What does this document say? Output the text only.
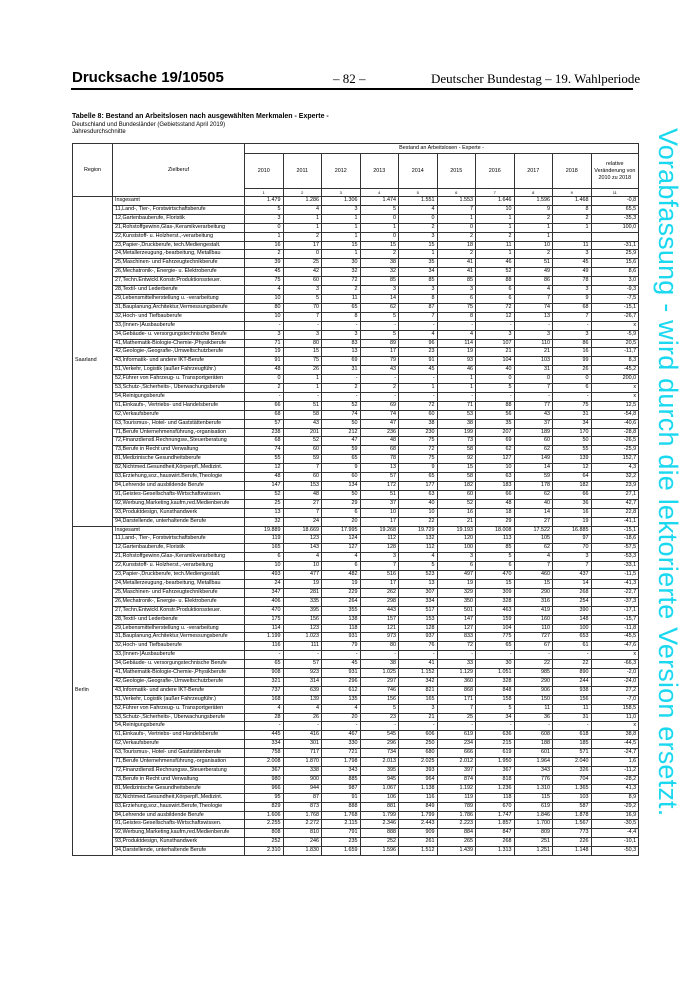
Drucksache 19/10505	– 82 –	Deutscher Bundestag – 19. Wahlperiode
Tabelle 8: Bestand an Arbeitslosen nach ausgewählten Merkmalen - Experte -
Deutschland und Bundesländer (Gebietsstand April 2019)
Jahresdurchschnitte	Vorabfassung - wird durch die lektorierte Version ersetzt.
Region	Zielberuf	Bestand an Arbeitslosen - Experte -									
		2010	2011	2012	2013	2014	2015	2016	2017	2018	relative Veränderung von 2010 zu 2018
		1	2	3	4	5	6	7	8	9	11
Saarland	Insgesamt	1.479	1.286	1.306	1.474	1.551	1.553	1.646	1.596	1.468	-0,8
	11,Land-, Tier-, Forstwirtschaftsberufe	5	4	3	5	4	7	10	9	8	65,5
	12,Gartenbauberufe, Floristik	3	1	1	0	0	1	1	2	2	-35,3
	21,Rohstoffgewinn,Glas-,Keramikverarbeitung	0	1	1	1	2	0	1	1	1	100,0
	22,Kunststoff- u. Holzherst.,-verarbeitung	1	2	1	0	3	2	2	1		
	23,Papier-,Druckberufe, tech.Mediengestalt.	16	17	15	15	15	18	11	10	11	-31,1
	24,Metallerzeugung,-bearbeitung, Metallbau	2	0	1	2	1	2	1	2	3	25,9
	25,Maschinen- und Fahrzeugtechnikberufe	39	25	30	38	35	41	46	51	45	15,6
	26,Mechatronik-, Energie- u. Elektroberufe	45	42	32	32	34	41	52	49	49	8,6
	27,Techn.Entwickl.Konstr.Produktionssteuer.	75	60	72	85	85	85	88	86	78	3,0
	28,Textil- und Lederberufe	4	3	2	3	3	3	6	4	3	-9,3
	29,Lebensmittelherstellung u. -verarbeitung	10	5	11	14	8	6	6	7	9	-7,5
	31,Bauplanung,Architektur,Vermessungsberufe	80	70	65	62	87	75	72	74	68	-15,1
	32,Hoch- und Tiefbauberufe	10	7	8	5	7	8	12	13	7	-26,7
	33,(Innen-)Ausbauberufe	-	-	-	-	-	-	-	-	-	x
	34,Gebäude- u. versorgungstechnische Berufe	3	3	3	5	4	4	3	3	3	-5,9
	41,Mathematik-Biologie-Chemie-,Physikberufe	71	80	83	89	96	114	107	110	86	20,5
	42,Geologie-,Geografie-,Umweltschutzberufe	19	15	13	17	23	19	21	21	16	-11,7
	43,Informatik- und andere IKT-Berufe	91	75	69	79	91	93	104	103	99	8,3
	51,Verkehr, Logistik (außer Fahrzeugführ.)	48	26	31	43	45	46	40	31	26	-45,2
	52,Führer von Fahrzeug- u. Transportgeräten	0	1	-	-	-	1	0	0	0	200,0
	53,Schutz-,Sicherheits-, Überwachungsberufe	2	1	2	2	1	1	5	7	6	x
	54,Reinigungsberufe	-	-	-	-	-	-	-	-	-	x
	61,Einkaufs-, Vertriebs- und Handelsberufe	66	51	52	69	72	71	88	77	75	12,5
	62,Verkaufsberufe	68	58	74	74	60	53	56	43	31	-54,8
	63,Tourismus-, Hotel- und Gaststättenberufe	57	43	50	47	38	38	35	37	34	-40,6
	71,Berufe Unternehmensführung,-organisation	238	201	212	236	230	199	207	189	170	-28,8
	72,Finanzdienstl.Rechnungsw.,Steuerberatung	68	52	47	48	75	73	69	60	50	-26,5
	73,Berufe in Recht und Verwaltung	74	60	59	68	72	58	62	62	55	-25,9
	81,Medizinische Gesundheitsberufe	55	59	65	78	75	92	127	149	139	152,7
	82,Nichtmed.Gesundheit,Körperpfl.,Medizint.	12	7	9	13	9	15	10	14	12	4,3
	83,Erziehung,soz.,hauswirt.Berufe,Theologie	48	60	60	57	65	58	63	59	64	32,2
	84,Lehrende und ausbildende Berufe	147	153	134	172	177	182	183	178	182	23,9
	91,Geistes-Gesellschafts-Wirtschaftswissen.	52	48	50	51	63	60	66	62	66	27,1
	92,Werbung,Marketing,kaufm,red.Medienberufe	25	27	29	37	40	52	48	40	36	42,7
	93,Produktdesign, Kunsthandwerk	13	7	6	10	10	16	18	14	16	22,8
	94,Darstellende, unterhaltende Berufe	32	24	20	17	22	21	29	27	19	-41,1
Berlin	Insgesamt	19.889	18.669	17.995	19.268	19.729	19.193	18.008	17.522	16.885	-15,1
	11,Land-, Tier-, Forstwirtschaftsberufe	119	123	124	112	132	120	113	105	97	-18,6
	12,Gartenbauberufe, Floristik	165	143	127	128	112	100	85	62	70	-57,5
	21,Rohstoffgewinn,Glas-,Keramikverarbeitung	6	4	4	3	4	3	5	4	3	-53,3
	22,Kunststoff- u. Holzherst.,-verarbeitung	10	10	6	7	5	6	6	7	7	-33,1
	23,Papier-,Druckberufe, tech.Mediengestalt.	493	477	482	516	523	497	470	460	437	-11,5
	24,Metallerzeugung,-bearbeitung, Metallbau	24	19	19	17	13	19	15	15	14	-41,3
	25,Maschinen- und Fahrzeugtechnikberufe	347	281	229	262	307	329	309	290	268	-22,7
	26,Mechatronik-, Energie- u. Elektroberufe	406	335	264	298	334	350	328	316	254	-37,3
	27,Techn.Entwickl.Konstr.Produktionssteuer.	470	395	355	443	517	501	463	419	390	-17,1
	28,Textil- und Lederberufe	175	156	138	157	153	147	159	160	148	-15,7
	29,Lebensmittelherstellung u. -verarbeitung	114	123	118	121	128	127	104	110	100	-11,8
	31,Bauplanung,Architektur,Vermessungsberufe	1.199	1.023	931	973	937	833	775	727	653	-45,5
	32,Hoch- und Tiefbauberufe	116	111	79	80	76	72	65	67	61	-47,6
	33,(Innen-)Ausbauberufe	-	-	-	-	-	-	-	-	-	x
	34,Gebäude- u. versorgungstechnische Berufe	65	57	45	38	41	33	30	22	22	-66,3
	41,Mathematik-Biologie-Chemie-,Physikberufe	908	923	931	1.025	1.152	1.129	1.051	985	890	-2,0
	42,Geologie-,Geografie-,Umweltschutzberufe	321	314	296	297	342	360	328	290	244	-24,0
	43,Informatik- und andere IKT-Berufe	737	639	612	746	821	868	848	906	938	27,2
	51,Verkehr, Logistik (außer Fahrzeugführ.)	168	139	135	156	165	171	158	150	156	-7,0
	52,Führer von Fahrzeug- u. Transportgeräten	4	4	4	5	3	7	5	11	11	158,5
	53,Schutz-,Sicherheits-, Überwachungsberufe	28	26	20	23	21	25	34	36	31	11,0
	54,Reinigungsberufe	-	-	-	-	-	-	-	-	-	x
	61,Einkaufs-, Vertriebs- und Handelsberufe	445	416	467	545	606	619	636	608	618	38,8
	62,Verkaufsberufe	334	301	330	296	250	234	215	188	185	-44,5
	63,Tourismus-, Hotel- und Gaststättenberufe	758	717	721	734	680	666	619	601	571	-24,7
	71,Berufe Unternehmensführung,-organisation	2.008	1.870	1.798	2.013	2.025	2.012	1.950	1.964	2.040	1,6
	72,Finanzdienstl.Rechnungsw.,Steuerberatung	367	338	343	395	393	397	367	343	326	-11,2
	73,Berufe in Recht und Verwaltung	980	900	885	945	964	874	818	776	704	-28,2
	81,Medizinische Gesundheitsberufe	966	944	987	1.067	1.138	1.192	1.236	1.310	1.365	41,3
	82,Nichtmed.Gesundheit,Körperpfl.,Medizint.	95	87	91	106	116	119	118	115	103	8,9
	83,Erziehung,soz.,hauswirt.Berufe,Theologie	829	873	888	881	849	789	670	619	587	-29,2
	84,Lehrende und ausbildende Berufe	1.606	1.768	1.768	1.799	1.799	1.786	1.747	1.846	1.878	16,9
	91,Geistes-Gesellschafts-Wirtschaftswissen.	2.255	2.272	2.115	2.346	2.443	2.223	1.857	1.700	1.567	-30,5
	92,Werbung,Marketing,kaufm,red.Medienberufe	808	810	791	888	909	884	847	809	773	-4,4
	93,Produktdesign, Kunsthandwerk	252	246	235	252	261	265	268	251	226	-10,1
	94,Darstellende, unterhaltende Berufe	2.310	1.830	1.659	1.596	1.512	1.439	1.313	1.251	1.148	-50,3
